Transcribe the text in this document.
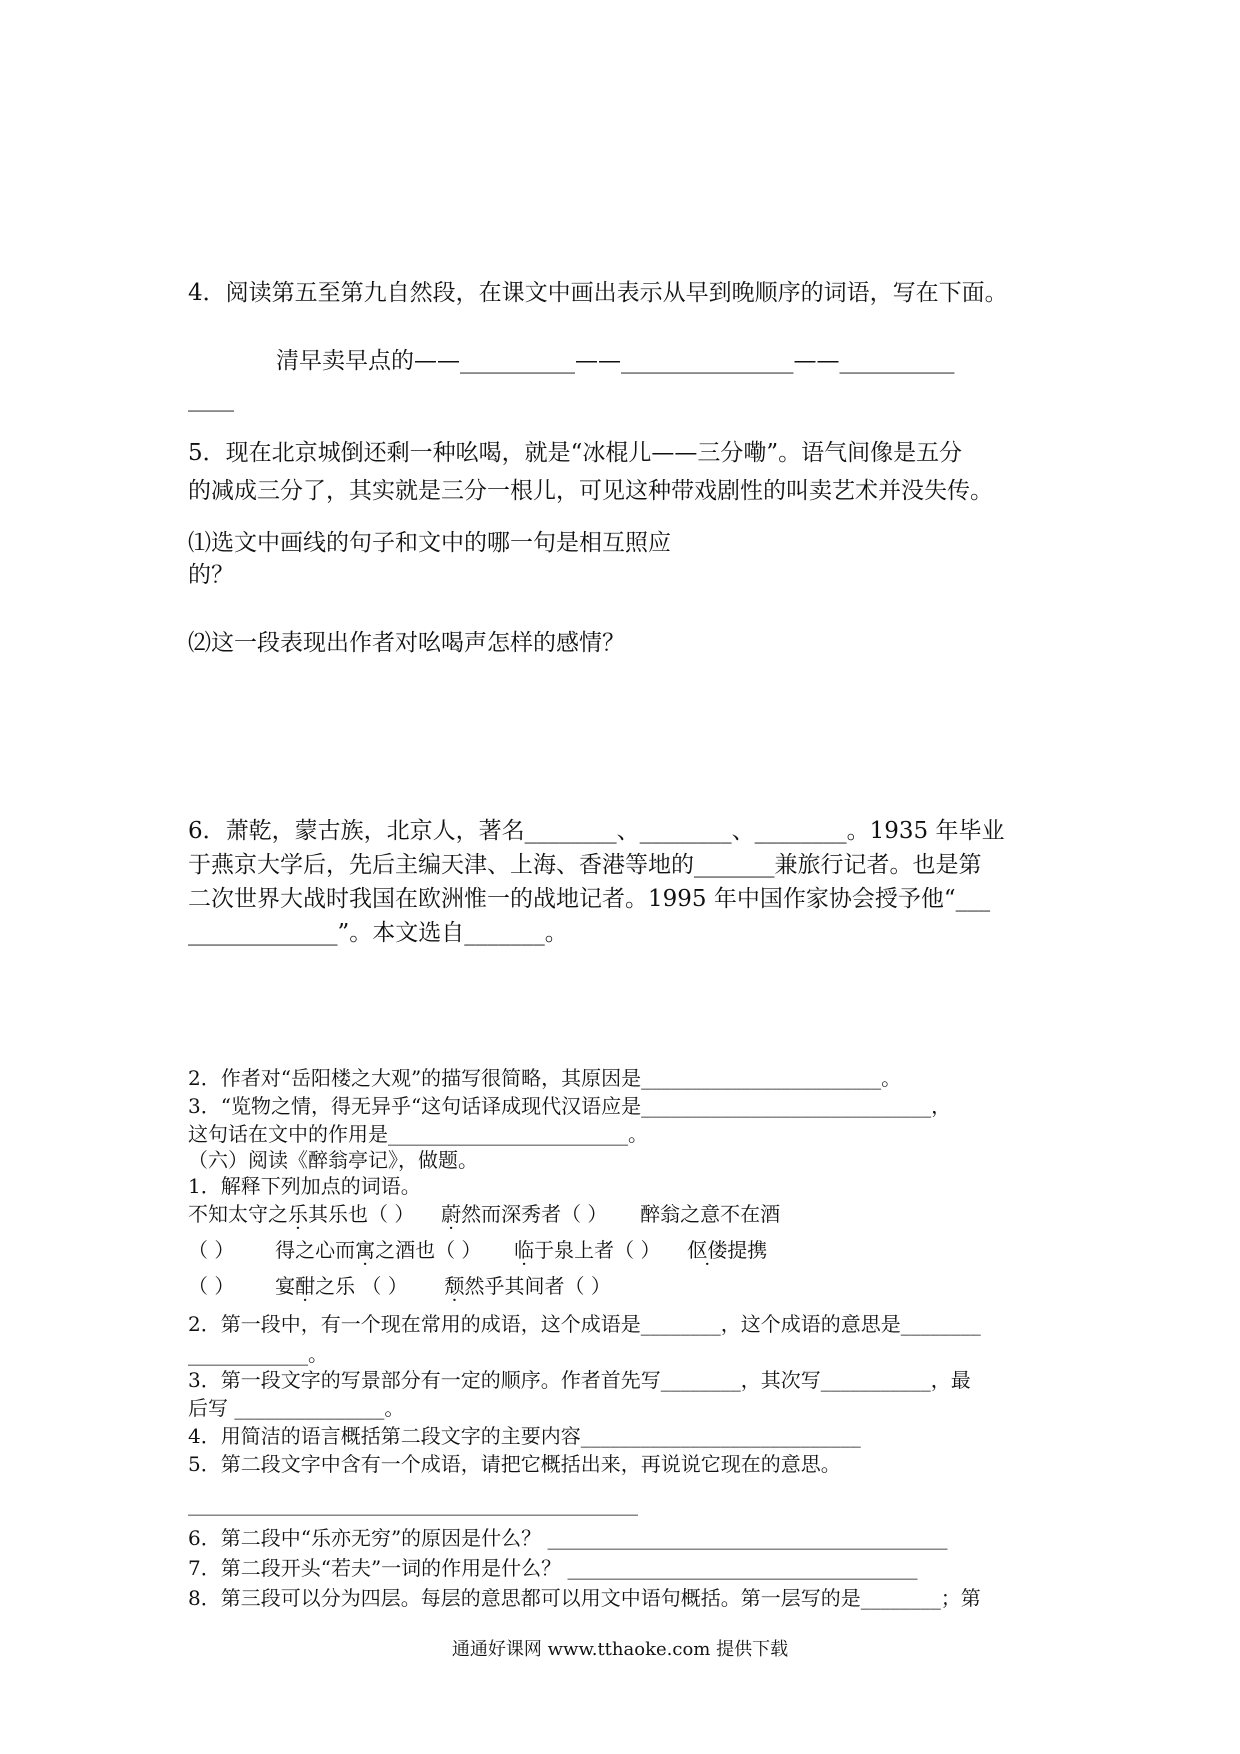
4．阅读第五至第九自然段，在课文中画出表示从早到晚顺序的词语，写在下面。
清早卖早点的——__________——_______________——__________
____
5．现在北京城倒还剩一种吆喝，就是“冰棍儿——三分嘞”。语气间像是五分
的减成三分了，其实就是三分一根儿，可见这种带戏剧性的叫卖艺术并没失传。
⑴选文中画线的句子和文中的哪一句是相互照应
的？
⑵这一段表现出作者对吆喝声怎样的感情？
6．萧乾，蒙古族，北京人，著名________、________、________。1935 年毕业
于燕京大学后，先后主编天津、上海、香港等地的_______兼旅行记者。也是第
二次世界大战时我国在欧洲惟一的战地记者。1995 年中国作家协会授予他“___
_____________”。本文选自_______。
2．作者对“岳阳楼之大观”的描写很简略，其原因是________________________。
3．“览物之情，得无异乎“这句话译成现代汉语应是_____________________________，
这句话在文中的作用是________________________。
（六）阅读《醉翁亭记》，做题。
1．解释下列加点的词语。
不知太守之乐其乐也（ ） 蔚然而深秀者（ ） 醉翁之意不在酒
（ ） 得之心而寓之酒也（ ） 临于泉上者（ ） 伛偻提携
（ ） 宴酣之乐 （ ） 颓然乎其间者（ ）
2．第一段中，有一个现在常用的成语，这个成语是________，这个成语的意思是________
____________。
3．第一段文字的写景部分有一定的顺序。作者首先写________，其次写___________，最
后写 _______________。
4．用简洁的语言概括第二段文字的主要内容____________________________
5．第二段文字中含有一个成语，请把它概括出来，再说说它现在的意思。
_____________________________________________
6．第二段中“乐亦无穷”的原因是什么？ ________________________________________
7．第二段开头“若夫”一词的作用是什么？ ___________________________________
8．第三段可以分为四层。每层的意思都可以用文中语句概括。第一层写的是________；第
通通好课网 www.tthaoke.com 提供下载
